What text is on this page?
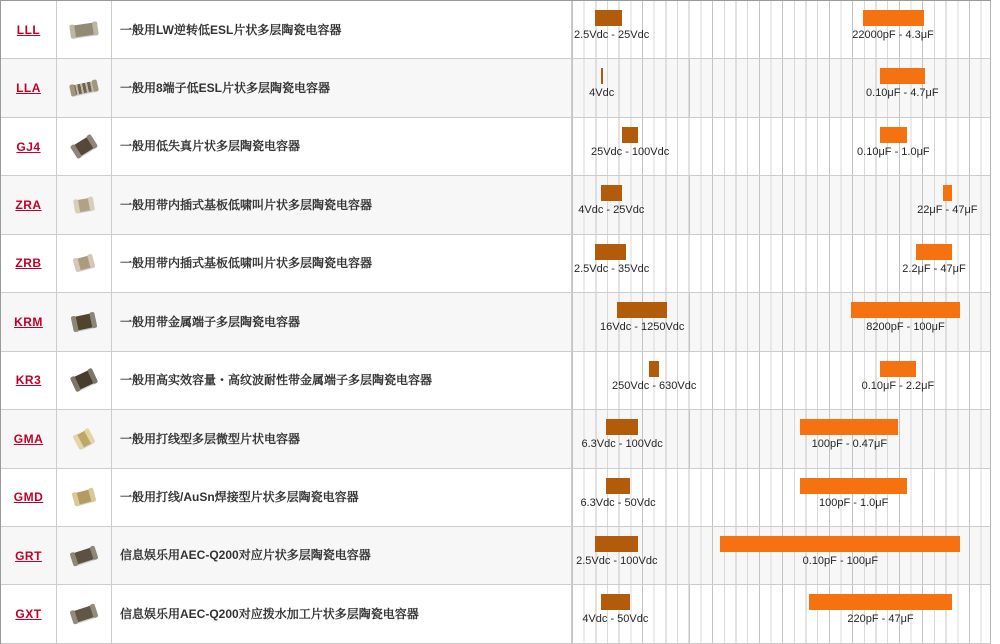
LLL	一般用LW逆转低ESL片状多层陶瓷电容器	2.5Vdc - 25Vdc	22000pF - 4.3μF
LLA	一般用8端子低ESL片状多层陶瓷电容器	4Vdc	0.10μF - 4.7μF
GJ4	一般用低失真片状多层陶瓷电容器	25Vdc - 100Vdc	0.10μF - 1.0μF
ZRA	一般用带内插式基板低啸叫片状多层陶瓷电容器	4Vdc - 25Vdc	22μF - 47μF
ZRB	一般用带内插式基板低啸叫片状多层陶瓷电容器	2.5Vdc - 35Vdc	2.2μF - 47μF
KRM	一般用带金属端子多层陶瓷电容器	16Vdc - 1250Vdc	8200pF - 100μF
KR3	一般用高实效容量・高纹波耐性带金属端子多层陶瓷电容器	250Vdc - 630Vdc	0.10μF - 2.2μF
GMA	一般用打线型多层微型片状电容器	6.3Vdc - 100Vdc	100pF - 0.47μF
GMD	一般用打线/AuSn焊接型片状多层陶瓷电容器	6.3Vdc - 50Vdc	100pF - 1.0μF
GRT	信息娱乐用AEC-Q200对应片状多层陶瓷电容器	2.5Vdc - 100Vdc	0.10pF - 100μF
GXT	信息娱乐用AEC-Q200对应拨水加工片状多层陶瓷电容器	4Vdc - 50Vdc	220pF - 47μF
